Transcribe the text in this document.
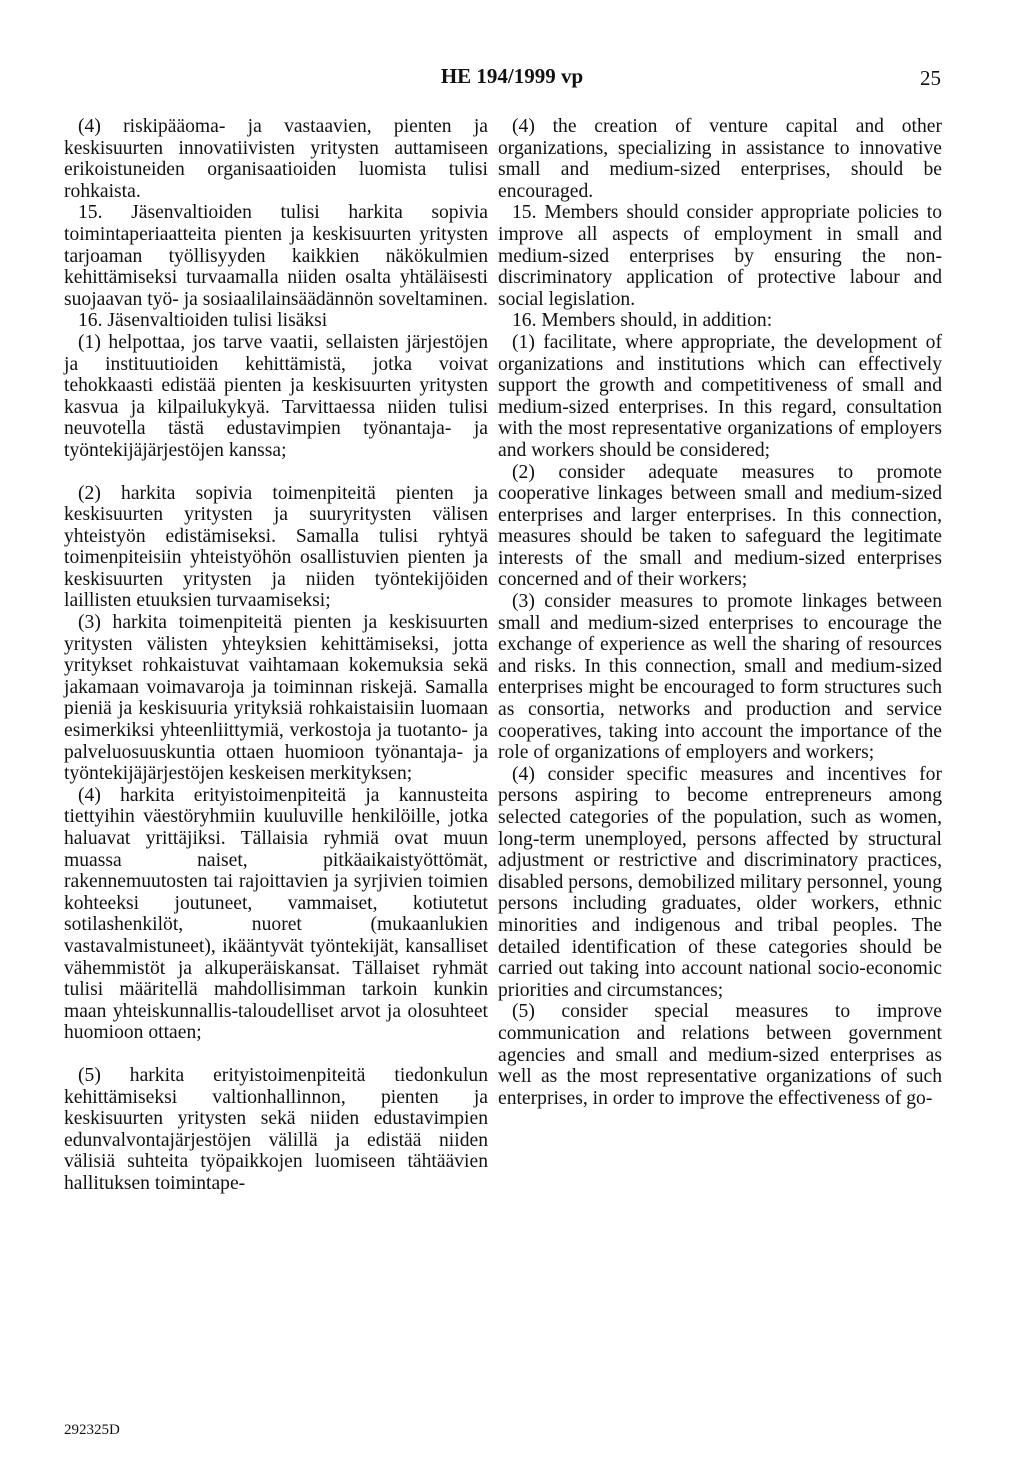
HE 194/1999 vp	25

(4) riskipääoma- ja vastaavien, pienten ja keskisuurten innovatiivisten yritysten auttamiseen erikoistuneiden organisaatioiden luomista tulisi rohkaista.

15. Jäsenvaltioiden tulisi harkita sopivia toimintaperiaatteita pienten ja keskisuurten yritysten tarjoaman työllisyyden kaikkien näkökulmien kehittämiseksi turvaamalla niiden osalta yhtäläisesti suojaavan työ- ja sosiaalilainsäädännön soveltaminen.

16. Jäsenvaltioiden tulisi lisäksi

(1) helpottaa, jos tarve vaatii, sellaisten järjestöjen ja instituutioiden kehittämistä, jotka voivat tehokkaasti edistää pienten ja keskisuurten yritysten kasvua ja kilpailukykyä. Tarvittaessa niiden tulisi neuvotella tästä edustavimpien työnantaja- ja työntekijäjärjestöjen kanssa;

(2) harkita sopivia toimenpiteitä pienten ja keskisuurten yritysten ja suuryritysten välisen yhteistyön edistämiseksi. Samalla tulisi ryhtyä toimenpiteisiin yhteistyöhön osallistuvien pienten ja keskisuurten yritysten ja niiden työntekijöiden laillisten etuuksien turvaamiseksi;

(3) harkita toimenpiteitä pienten ja keskisuurten yritysten välisten yhteyksien kehittämiseksi, jotta yritykset rohkaistuvat vaihtamaan kokemuksia sekä jakamaan voimavaroja ja toiminnan riskejä. Samalla pieniä ja keskisuuria yrityksiä rohkaistaisiin luomaan esimerkiksi yhteenliittymiä, verkostoja ja tuotanto- ja palveluosuuskuntia ottaen huomioon työnantaja- ja työntekijäjärjestöjen keskeisen merkityksen;

(4) harkita erityistoimenpiteitä ja kannusteita tiettyihin väestöryhmiin kuuluville henkilöille, jotka haluavat yrittäjiksi. Tällaisia ryhmiä ovat muun muassa naiset, pitkäaikaistyöttömät, rakennemuutosten tai rajoittavien ja syrjivien toimien kohteeksi joutuneet, vammaiset, kotiutetut sotilashenkilöt, nuoret (mukaanlukien vastavalmistuneet), ikääntyvät työntekijät, kansalliset vähemmistöt ja alkuperäiskansat. Tällaiset ryhmät tulisi määritellä mahdollisimman tarkoin kunkin maan yhteiskunnallis-taloudelliset arvot ja olosuhteet huomioon ottaen;

(5) harkita erityistoimenpiteitä tiedonkulun kehittämiseksi valtionhallinnon, pienten ja keskisuurten yritysten sekä niiden edustavimpien edunvalvontajärjestöjen välillä ja edistää niiden välisiä suhteita työpaikkojen luomiseen tähtäävien hallituksen toimintape-

(4) the creation of venture capital and other organizations, specializing in assistance to innovative small and medium-sized enterprises, should be encouraged.

15. Members should consider appropriate policies to improve all aspects of employment in small and medium-sized enterprises by ensuring the non-discriminatory application of protective labour and social legislation.

16. Members should, in addition:

(1) facilitate, where appropriate, the development of organizations and institutions which can effectively support the growth and competitiveness of small and medium-sized enterprises. In this regard, consultation with the most representative organizations of employers and workers should be considered;

(2) consider adequate measures to promote cooperative linkages between small and medium-sized enterprises and larger enterprises. In this connection, measures should be taken to safeguard the legitimate interests of the small and medium-sized enterprises concerned and of their workers;

(3) consider measures to promote linkages between small and medium-sized enterprises to encourage the exchange of experience as well the sharing of resources and risks. In this connection, small and medium-sized enterprises might be encouraged to form structures such as consortia, networks and production and service cooperatives, taking into account the importance of the role of organizations of employers and workers;

(4) consider specific measures and incentives for persons aspiring to become entrepreneurs among selected categories of the population, such as women, long-term unemployed, persons affected by structural adjustment or restrictive and discriminatory practices, disabled persons, demobilized military personnel, young persons including graduates, older workers, ethnic minorities and indigenous and tribal peoples. The detailed identification of these categories should be carried out taking into account national socio-economic priorities and circumstances;

(5) consider special measures to improve communication and relations between government agencies and small and medium-sized enterprises as well as the most representative organizations of such enterprises, in order to improve the effectiveness of go-

292325D
